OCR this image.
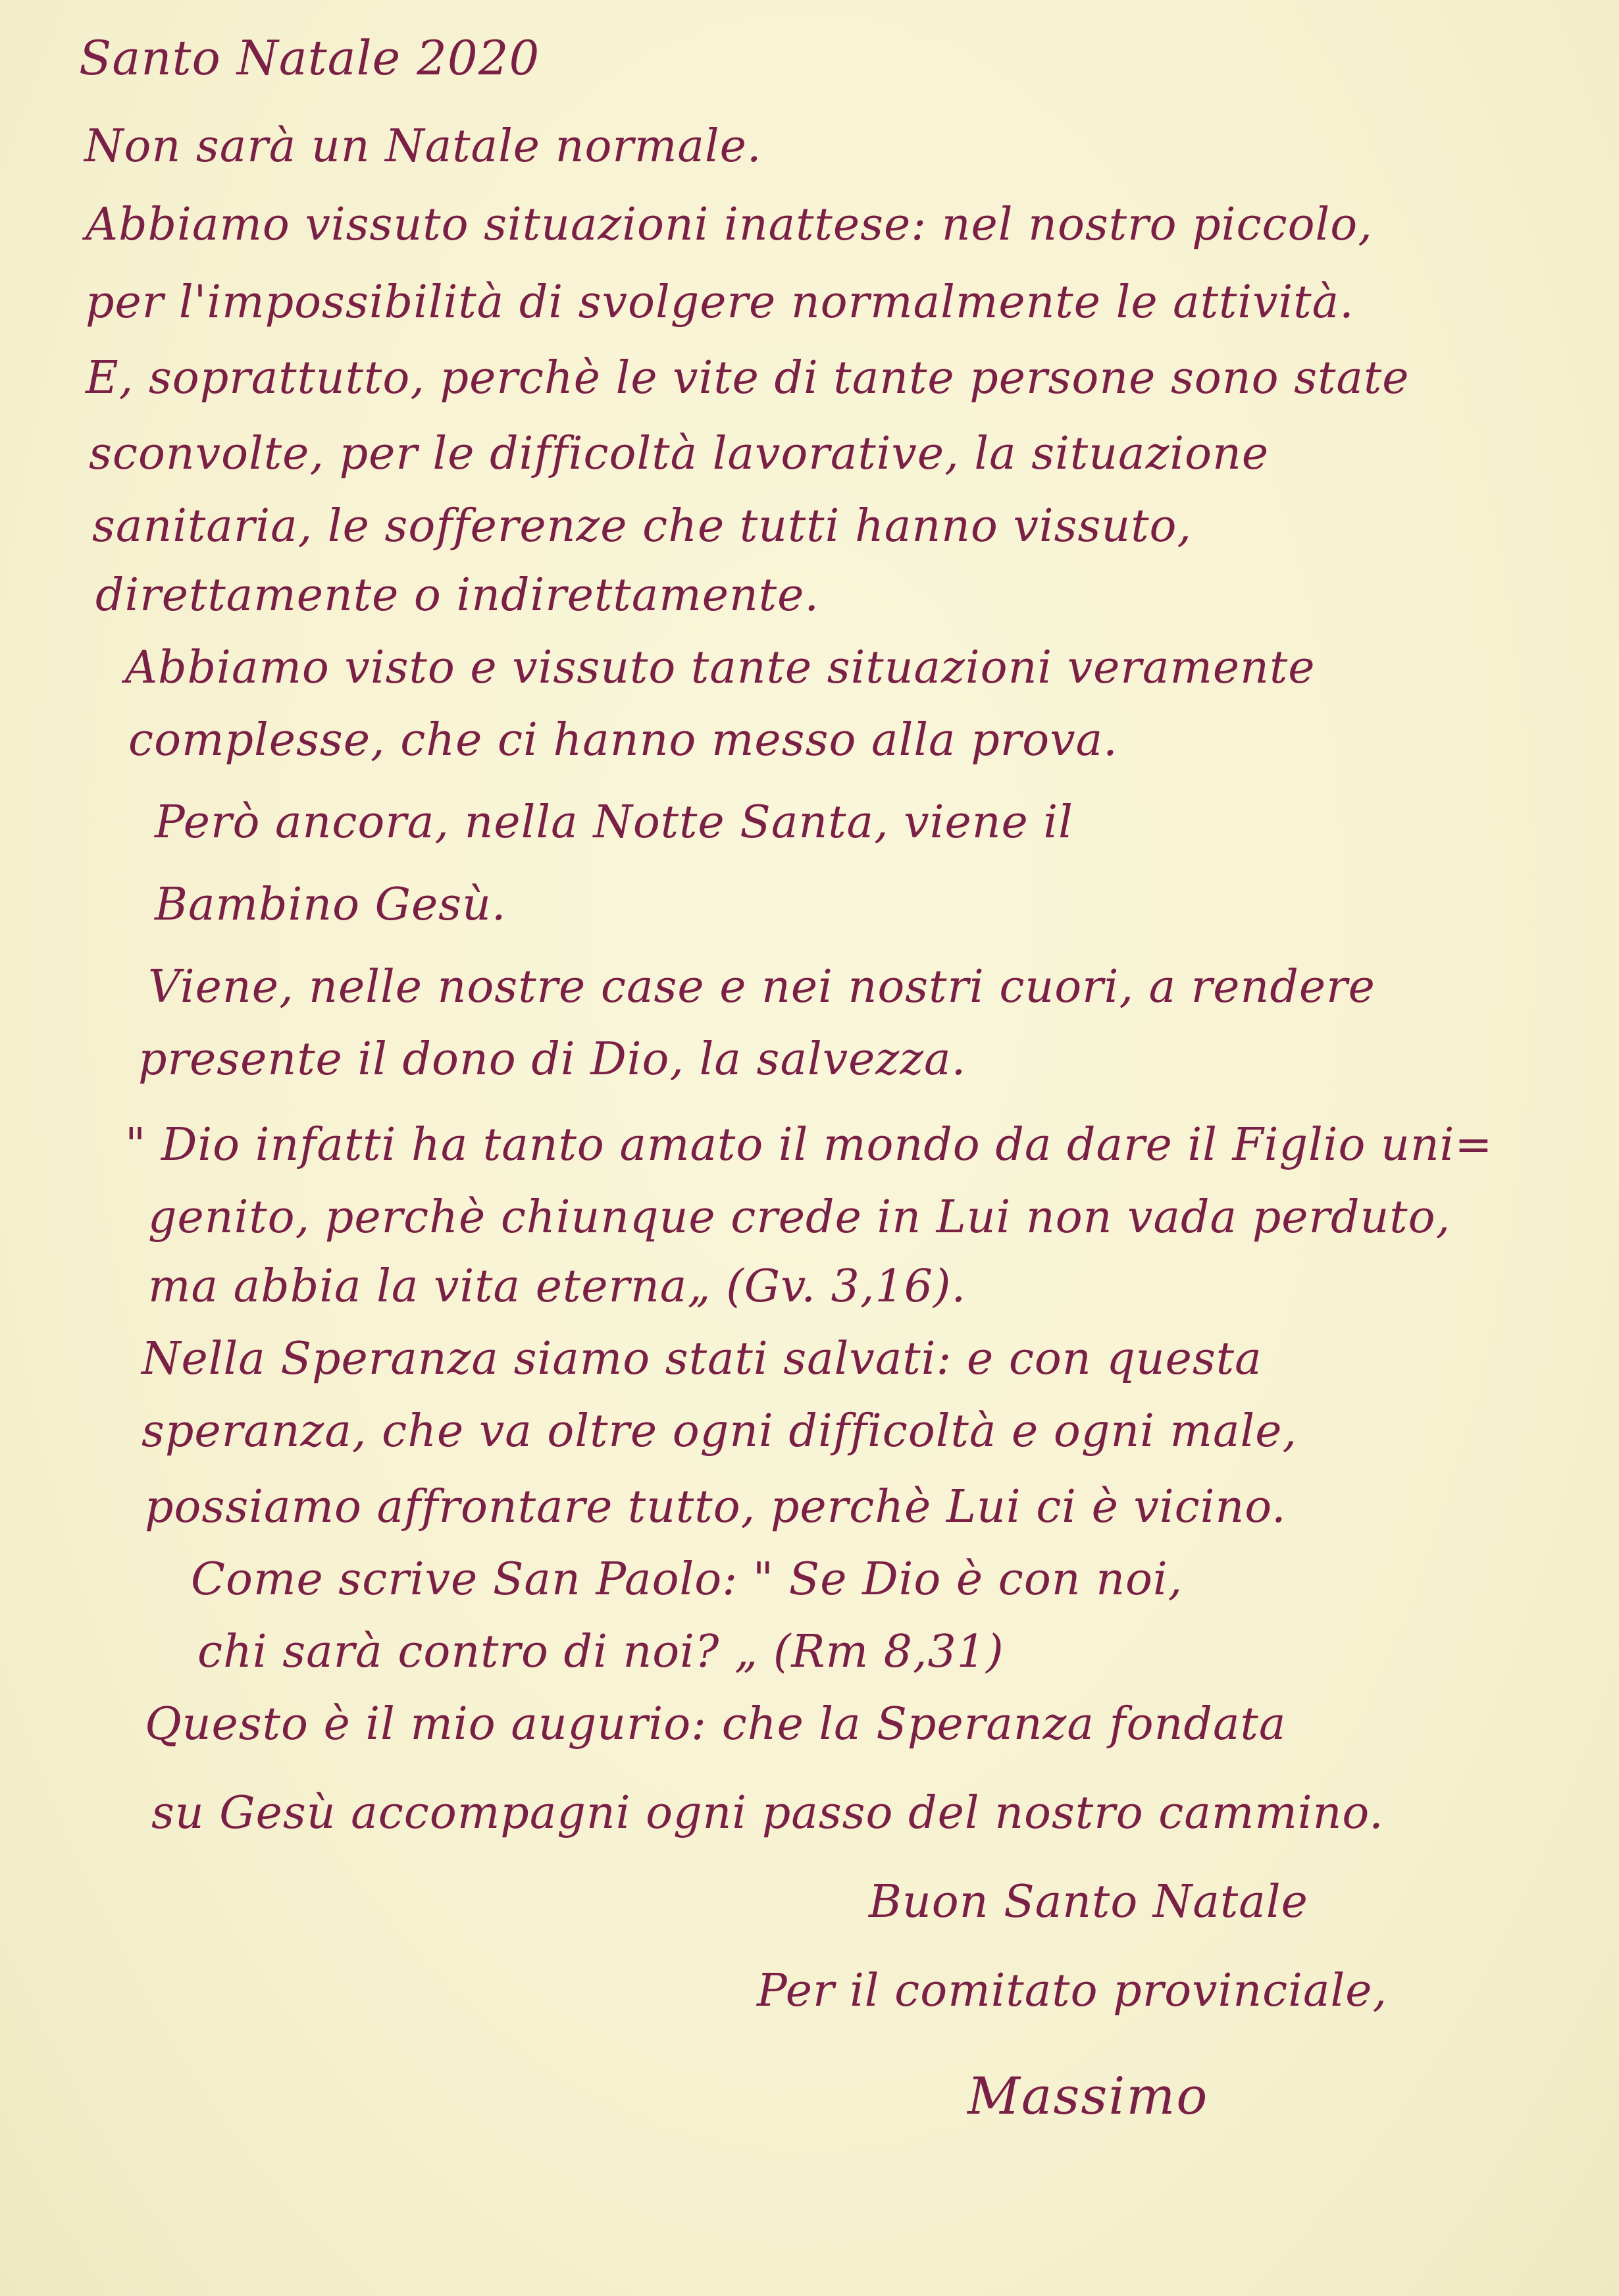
Santo Natale 2020
Non sarà un Natale normale.
Abbiamo vissuto situazioni inattese: nel nostro piccolo,
per l'impossibilità di svolgere normalmente le attività.
E, soprattutto, perchè le vite di tante persone sono state
sconvolte, per le difficoltà lavorative, la situazione
sanitaria, le sofferenze che tutti hanno vissuto,
direttamente o indirettamente.
Abbiamo visto e vissuto tante situazioni veramente
complesse, che ci hanno messo alla prova.
Però ancora, nella Notte Santa, viene il
Bambino Gesù.
Viene, nelle nostre case e nei nostri cuori, a rendere
presente il dono di Dio, la salvezza.
" Dio infatti ha tanto amato il mondo da dare il Figlio uni=
genito, perchè chiunque crede in Lui non vada perduto,
ma abbia la vita eterna„ (Gv. 3,16).
Nella Speranza siamo stati salvati: e con questa
speranza, che va oltre ogni difficoltà e ogni male,
possiamo affrontare tutto, perchè Lui ci è vicino.
Come scrive San Paolo: " Se Dio è con noi,
chi sarà contro di noi? „ (Rm 8,31)
Questo è il mio augurio: che la Speranza fondata
su Gesù accompagni ogni passo del nostro cammino.
Buon Santo Natale
Per il comitato provinciale,
Massimo
